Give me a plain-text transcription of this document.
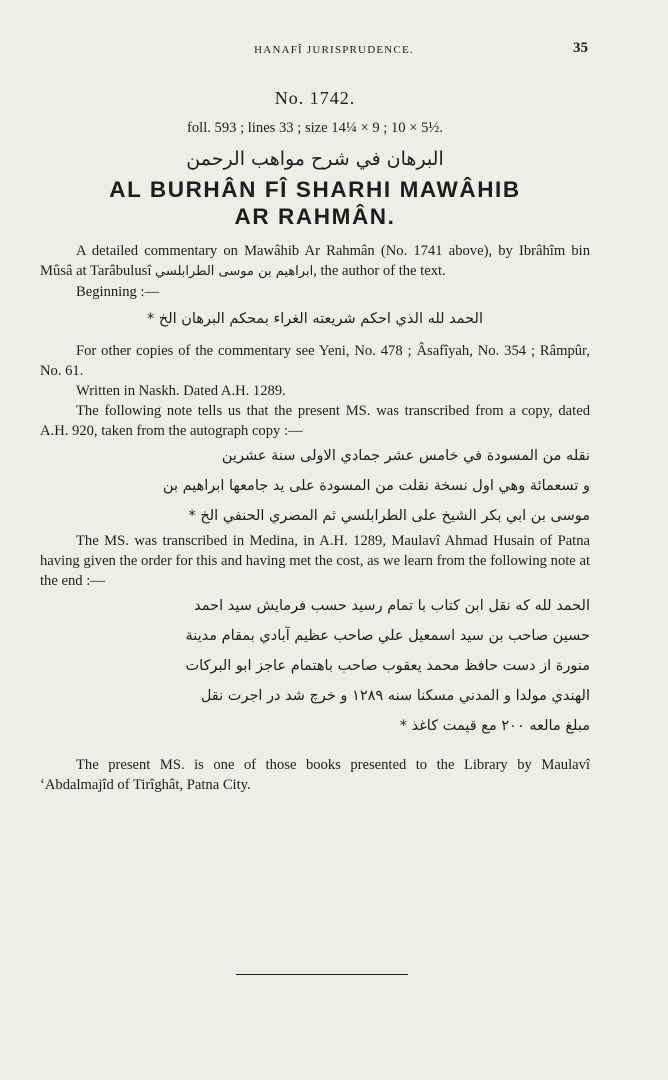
HANAFÎ JURISPRUDENCE.	35
No. 1742.
foll. 593 ; lines 33 ; size 14¼ × 9 ; 10 × 5½.
البرهان في شرح مواهب الرحمن
AL BURHÂN FÎ SHARHI MAWÂHIB
AR RAHMÂN.

A detailed commentary on Mawâhib Ar Rahmân (No. 1741 above), by Ibrâhîm bin Mûsâ at Tarâbulusî ابراهيم بن موسى الطرابلسي, the author of the text.

Beginning :—

الحمد لله الذي احكم شريعته الغراء بمحكم البرهان الخ *

For other copies of the commentary see Yeni, No. 478 ; Âsafîyah, No. 354 ; Râmpûr, No. 61.

Written in Naskh. Dated A.H. 1289.

The following note tells us that the present MS. was transcribed from a copy, dated A.H. 920, taken from the autograph copy :—

نقله من المسودة في خامس عشر جمادي الاولى سنة عشرين

و تسعمائة وهي اول نسخة نقلت من المسودة على يد جامعها ابراهيم بن

موسى بن ابي بكر الشيخ على الطرابلسي ثم المصري الحنفي الخ *

The MS. was transcribed in Medina, in A.H. 1289, Maulavî Ahmad Husain of Patna having given the order for this and having met the cost, as we learn from the following note at the end :—

الحمد لله كه نقل ابن كتاب با تمام رسيد حسب فرمايش سيد احمد

حسين صاحب بن سيد اسمعيل علي صاحب عظيم آبادي بمقام مدينة

منورة از دست حافظ محمد يعقوب صاحب باهتمام عاجز ابو البركات

الهندي مولدا و المدني مسكنا سنه ١٢٨٩ و خرچ شد در اجرت نقل

مبلغ مالعه ٢٠٠ مع قيمت كاغذ *

The present MS. is one of those books presented to the Library by Maulavî ‘Abdalmajîd of Tirîghât, Patna City.
